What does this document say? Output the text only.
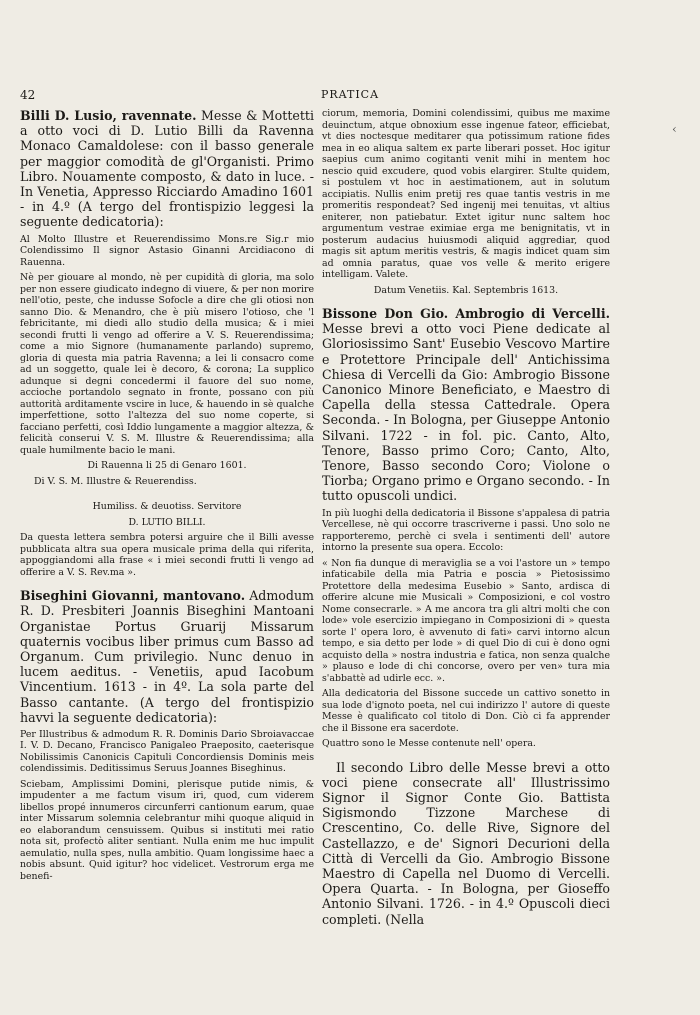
42	PRATICA
‹
Billi D. Lusio, ravennate. Messe & Mottetti a otto voci di D. Lutio Billi da Ravenna Monaco Camaldolese: con il basso generale per maggior comodità de gl'Organisti. Primo Libro. Nouamente composto, & dato in luce. - In Venetia, Appresso Ricciardo Amadino 1601 - in 4.º (A tergo del frontispizio leggesi la seguente dedicatoria):
Al Molto Illustre et Reuerendissimo Mons.re Sig.r mio Colendissimo Il signor Astasio Ginanni Arcidiacono di Rauenna.
Nè per giouare al mondo, nè per cupidità di gloria, ma solo per non essere giudicato indegno di viuere, & per non morire nell'otio, peste, che indusse Sofocle a dire che gli otiosi non sanno Dio. & Menandro, che è più misero l'otioso, che 'l febricitante, mi diedi allo studio della musica; & i miei secondi frutti li vengo ad offerire a V. S. Reuerendissima; come a mio Signore (humanamente parlando) supremo, gloria di questa mia patria Ravenna; a lei li consacro come ad un soggetto, quale lei è decoro, & corona; La supplico adunque si degni concedermi il fauore del suo nome, accioche portandolo segnato in fronte, possano con più auttorità arditamente vscire in luce, & hauendo in sè qualche imperfettione, sotto l'altezza del suo nome coperte, si facciano perfetti, così Iddio lungamente a maggior altezza, & felicità conserui V. S. M. Illustre & Reuerendissima; alla quale humilmente bacio le mani.
Di Rauenna li 25 di Genaro 1601.
Di V. S. M. Illustre & Reuerendiss.
Humiliss. & deuotiss. Servitore
D. LUTIO BILLI.
Da questa lettera sembra potersi arguire che il Billi avesse pubblicata altra sua opera musicale prima della qui riferita, appoggiandomi alla frase « i miei secondi frutti li vengo ad offerire a V. S. Rev.ma ».
Biseghini Giovanni, mantovano. Admodum R. D. Presbiteri Joannis Biseghini Mantoani Organistae Portus Gruarij Missarum quaternis vocibus liber primus cum Basso ad Organum. Cum privilegio. Nunc denuo in lucem aeditus. - Venetiis, apud Iacobum Vincentium. 1613 - in 4º. La sola parte del Basso cantante. (A tergo del frontispizio havvi la seguente dedicatoria):
Per Illustribus & admodum R. R. Dominis Dario Sbroiavaccae I. V. D. Decano, Francisco Panigaleo Praeposito, caeterisque Nobilissimis Canonicis Capituli Concordiensis Dominis meis colendissimis. Deditissimus Seruus Joannes Biseghinus.
Sciebam, Amplissimi Domini, plerisque putide nimis, & impudenter a me factum visum iri, quod, cum viderem libellos propé innumeros circunferri cantionum earum, quae inter Missarum solemnia celebrantur mihi quoque aliquid in eo elaborandum censuissem. Quibus si instituti mei ratio nota sit, profectò aliter sentiant. Nulla enim me huc impulit aemulatio, nulla spes, nulla ambitio. Quam longissime haec a nobis absunt. Quid igitur? hoc videlicet. Vestrorum erga me benefi-
ciorum, memoria, Domini colendissimi, quibus me maxime deuinctum, atque obnoxium esse ingenue fateor, efficiebat, vt dies noctesque meditarer qua potissimum ratione fides mea in eo aliqua saltem ex parte liberari posset. Hoc igitur saepius cum animo cogitanti venit mihi in mentem hoc nescio quid excudere, quod vobis elargirer. Stulte quidem, si postulem vt hoc in aestimationem, aut in solutum accipiatis. Nullis enim pretij res quae tantis vestris in me promeritis respondeat? Sed ingenij mei tenuitas, vt altius eniterer, non patiebatur. Extet igitur nunc saltem hoc argumentum vestrae eximiae erga me benignitatis, vt in posterum audacius huiusmodi aliquid aggrediar, quod magis sit aptum meritis vestris, & magis indicet quam sim ad omnia paratus, quae vos velle & merito erigere intelligam. Valete.
Datum Venetiis. Kal. Septembris 1613.
Bissone Don Gio. Ambrogio di Vercelli. Messe brevi a otto voci Piene dedicate al Gloriosissimo Sant' Eusebio Vescovo Martire e Protettore Principale dell' Antichissima Chiesa di Vercelli da Gio: Ambrogio Bissone Canonico Minore Beneficiato, e Maestro di Capella della stessa Cattedrale. Opera Seconda. - In Bologna, per Giuseppe Antonio Silvani. 1722 - in fol. pic. Canto, Alto, Tenore, Basso primo Coro; Canto, Alto, Tenore, Basso secondo Coro; Violone o Tiorba; Organo primo e Organo secondo. - In tutto opuscoli undici.
In più luoghi della dedicatoria il Bissone s'appalesa di patria Vercellese, nè qui occorre trascriverne i passi. Uno solo ne rapporteremo, perchè ci svela i sentimenti dell' autore intorno la presente sua opera. Eccolo:
« Non fia dunque di meraviglia se a voi l'astore un » tempo infaticabile della mia Patria e poscia » Pietosissimo Protettore della medesima Eusebio » Santo, ardisca di offerire alcune mie Musicali » Composizioni, e col vostro Nome consecrarle. » A me ancora tra gli altri molti che con lode» vole esercizio impiegano in Composizioni di » questa sorte l' opera loro, è avvenuto di fati» carvi intorno alcun tempo, e sia detto per lode » di quel Dio di cui è dono ogni acquisto della » nostra industria e fatica, non senza qualche » plauso e lode di chi concorse, overo per ven» tura mia s'abbattè ad udirle ecc. ».
Alla dedicatoria del Bissone succede un cattivo sonetto in sua lode d'ignoto poeta, nel cui indirizzo l' autore di queste Messe è qualificato col titolo di Don. Ciò ci fa apprender che il Bissone era sacerdote.
Quattro sono le Messe contenute nell' opera.
Il secondo Libro delle Messe brevi a otto voci piene consecrate all' Illustrissimo Signor il Signor Conte Gio. Battista Sigismondo Tizzone Marchese di Crescentino, Co. delle Rive, Signore del Castellazzo, e de' Signori Decurioni della Città di Vercelli da Gio. Ambrogio Bissone Maestro di Capella nel Duomo di Vercelli. Opera Quarta. - In Bologna, per Gioseffo Antonio Silvani. 1726. - in 4.º Opuscoli dieci completi. (Nella
